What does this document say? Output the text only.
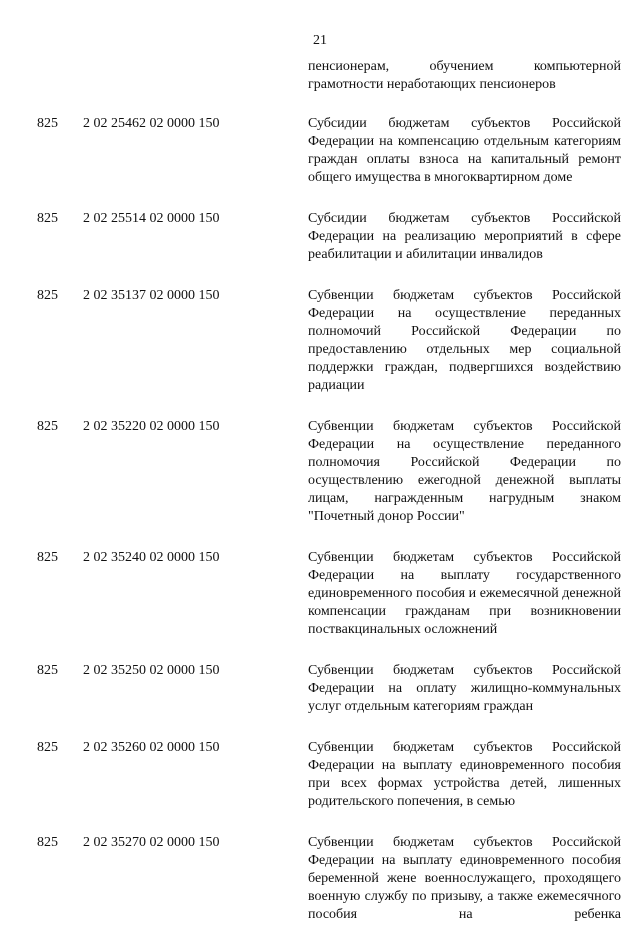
21
пенсионерам, обучением компьютерной грамотности неработающих пенсионеров
825	2 02 25462 02 0000 150	Субсидии бюджетам субъектов Российской Федерации на компенсацию отдельным категориям граждан оплаты взноса на капитальный ремонт общего имущества в многоквартирном доме
825	2 02 25514 02 0000 150	Субсидии бюджетам субъектов Российской Федерации на реализацию мероприятий в сфере реабилитации и абилитации инвалидов
825	2 02 35137 02 0000 150	Субвенции бюджетам субъектов Российской Федерации на осуществление переданных полномочий Российской Федерации по предоставлению отдельных мер социальной поддержки граждан, подвергшихся воздействию радиации
825	2 02 35220 02 0000 150	Субвенции бюджетам субъектов Российской Федерации на осуществление переданного полномочия Российской Федерации по осуществлению ежегодной денежной выплаты лицам, награжденным нагрудным знаком "Почетный донор России"
825	2 02 35240 02 0000 150	Субвенции бюджетам субъектов Российской Федерации на выплату государственного единовременного пособия и ежемесячной денежной компенсации гражданам при возникновении поствакцинальных осложнений
825	2 02 35250 02 0000 150	Субвенции бюджетам субъектов Российской Федерации на оплату жилищно-коммунальных услуг отдельным категориям граждан
825	2 02 35260 02 0000 150	Субвенции бюджетам субъектов Российской Федерации на выплату единовременного пособия при всех формах устройства детей, лишенных родительского попечения, в семью
825	2 02 35270 02 0000 150	Субвенции бюджетам субъектов Российской Федерации на выплату единовременного пособия беременной жене военнослужащего, проходящего военную службу по призыву, а также ежемесячного пособия на ребенка
